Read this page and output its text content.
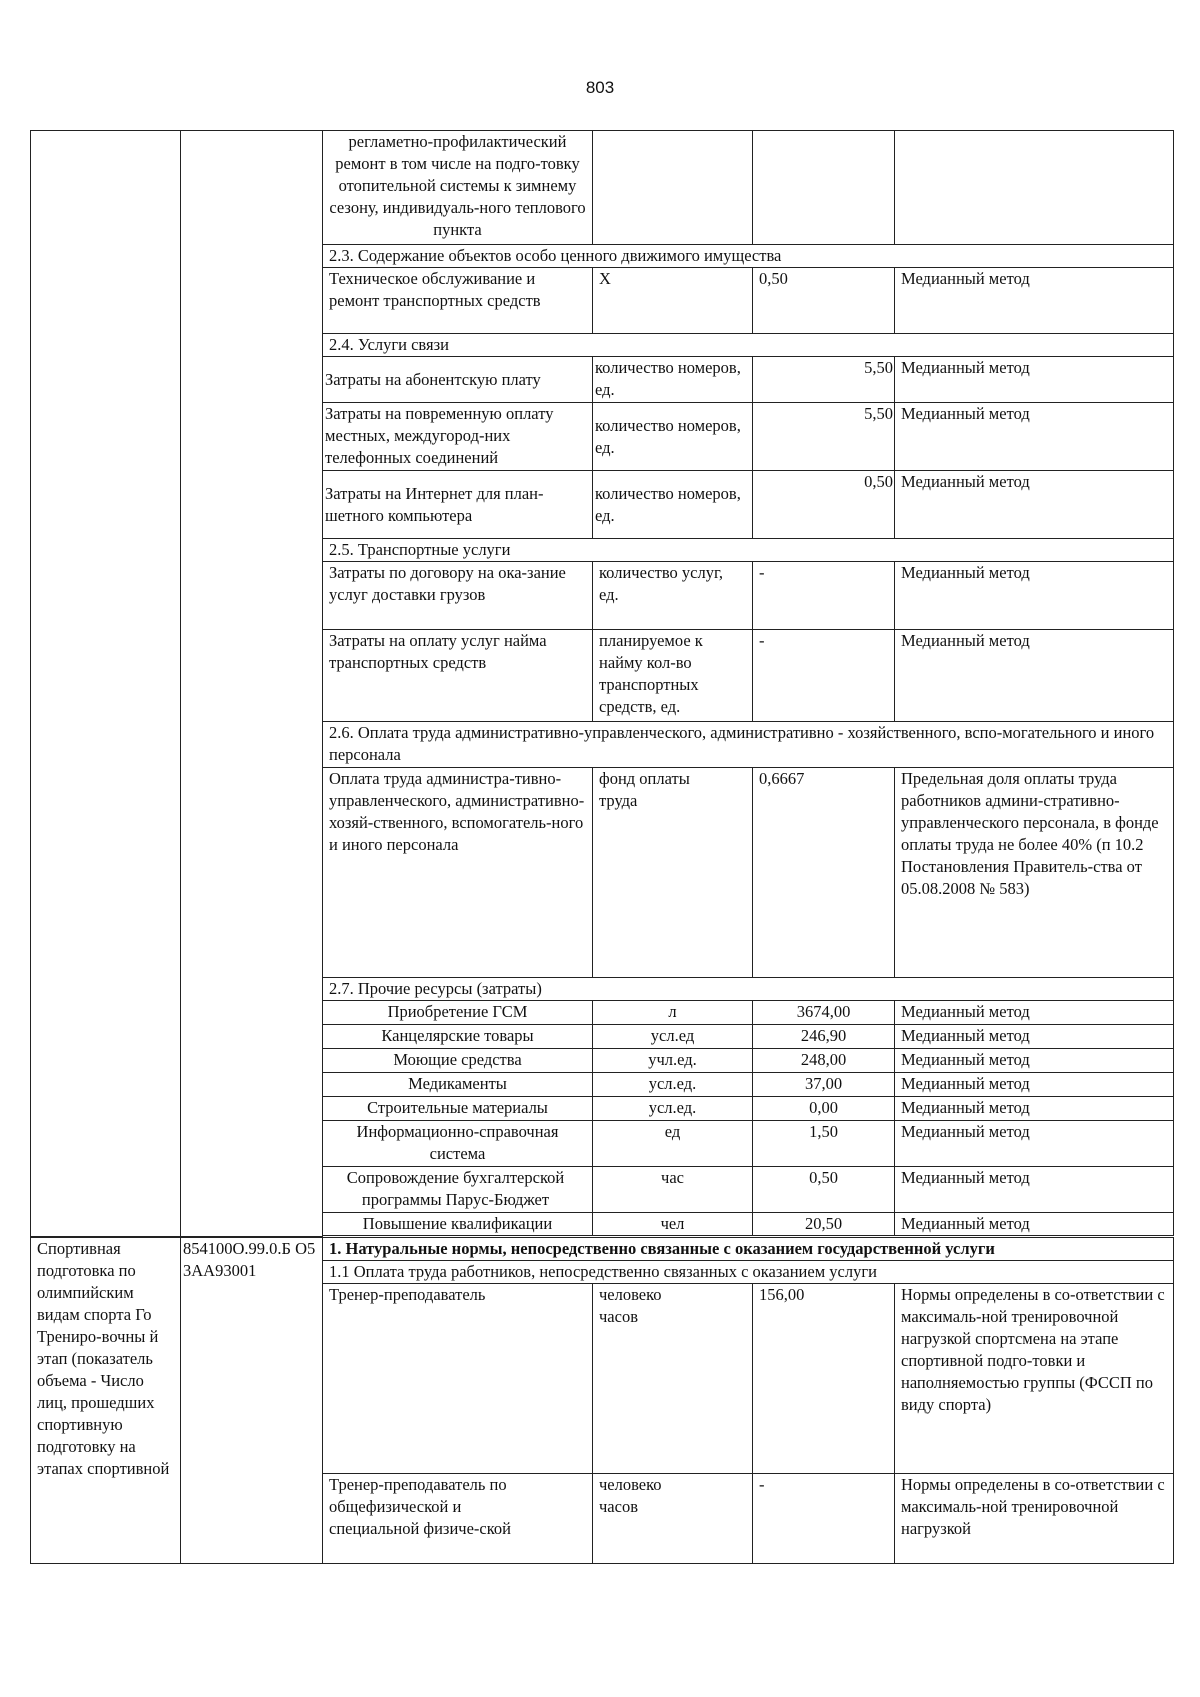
803
		регламетно-профилактический ремонт в том числе на подго-товку отопительной системы к зимнему сезону, индивидуаль-ного теплового пункта			
		2.3. Содержание объектов особо ценного движимого имущества			
		Техническое обслуживание и ремонт транспортных средств	Х	0,50	Медианный метод
		2.4. Услуги связи			
		Затраты на абонентскую плату	количество номеров, ед.	5,50	Медианный метод
		Затраты на повременную оплату местных, междугород-них телефонных соединений	количество номеров, ед.	5,50	Медианный метод
		Затраты на Интернет для план-шетного компьютера	количество номеров, ед.	0,50	Медианный метод
		2.5. Транспортные услуги			
		Затраты по договору на ока-зание услуг доставки грузов	количество услуг, ед.	-	Медианный метод
		Затраты на оплату услуг найма транспортных средств	планируемое к найму кол-во транспортных средств, ед.	-	Медианный метод
		2.6. Оплата труда административно-управленческого, административно - хозяйственного, вспо-могательного и иного персонала			
		Оплата труда администра-тивно- управленческого, административно- хозяй-ственного, вспомогатель-ного и иного персонала	фонд оплаты труда	0,6667	Предельная доля оплаты труда работников админи-стративно- управленческого персонала, в фонде оплаты труда не более 40% (п 10.2 Постановления Правитель-ства от 05.08.2008 № 583)
		2.7. Прочие ресурсы (затраты)			
		Приобретение ГСМ	л	3674,00	Медианный метод
		Канцелярские товары	усл.ед	246,90	Медианный метод
		Моющие средства	учл.ед.	248,00	Медианный метод
		Медикаменты	усл.ед.	37,00	Медианный метод
		Строительные материалы	усл.ед.	0,00	Медианный метод
		Информационно-справочная система	ед	1,50	Медианный метод
		Сопровождение бухгалтерской программы Парус-Бюджет	час	0,50	Медианный метод
		Повышение квалификации	чел	20,50	Медианный метод

Спортивная подготовка по олимпийским видам спорта Го Трениро-вочны й этап (показатель объема - Число лиц, прошедших спортивную подготовку на этапах спортивной	854100О.99.0.Б О53АА93001	1. Натуральные нормы, непосредственно связанные с оказанием государственной услуги			
		1.1 Оплата труда работников, непосредственно связанных с оказанием услуги			
		Тренер-преподаватель	человеко часов	156,00	Нормы определены в со-ответствии с максималь-ной тренировочной нагрузкой спортсмена на этапе спортивной подго-товки и наполняемостью группы (ФССП по виду спорта)
		Тренер-преподаватель по общефизической и специальной физиче-ской	человеко часов	-	Нормы определены в со-ответствии с максималь-ной тренировочной нагрузкой
